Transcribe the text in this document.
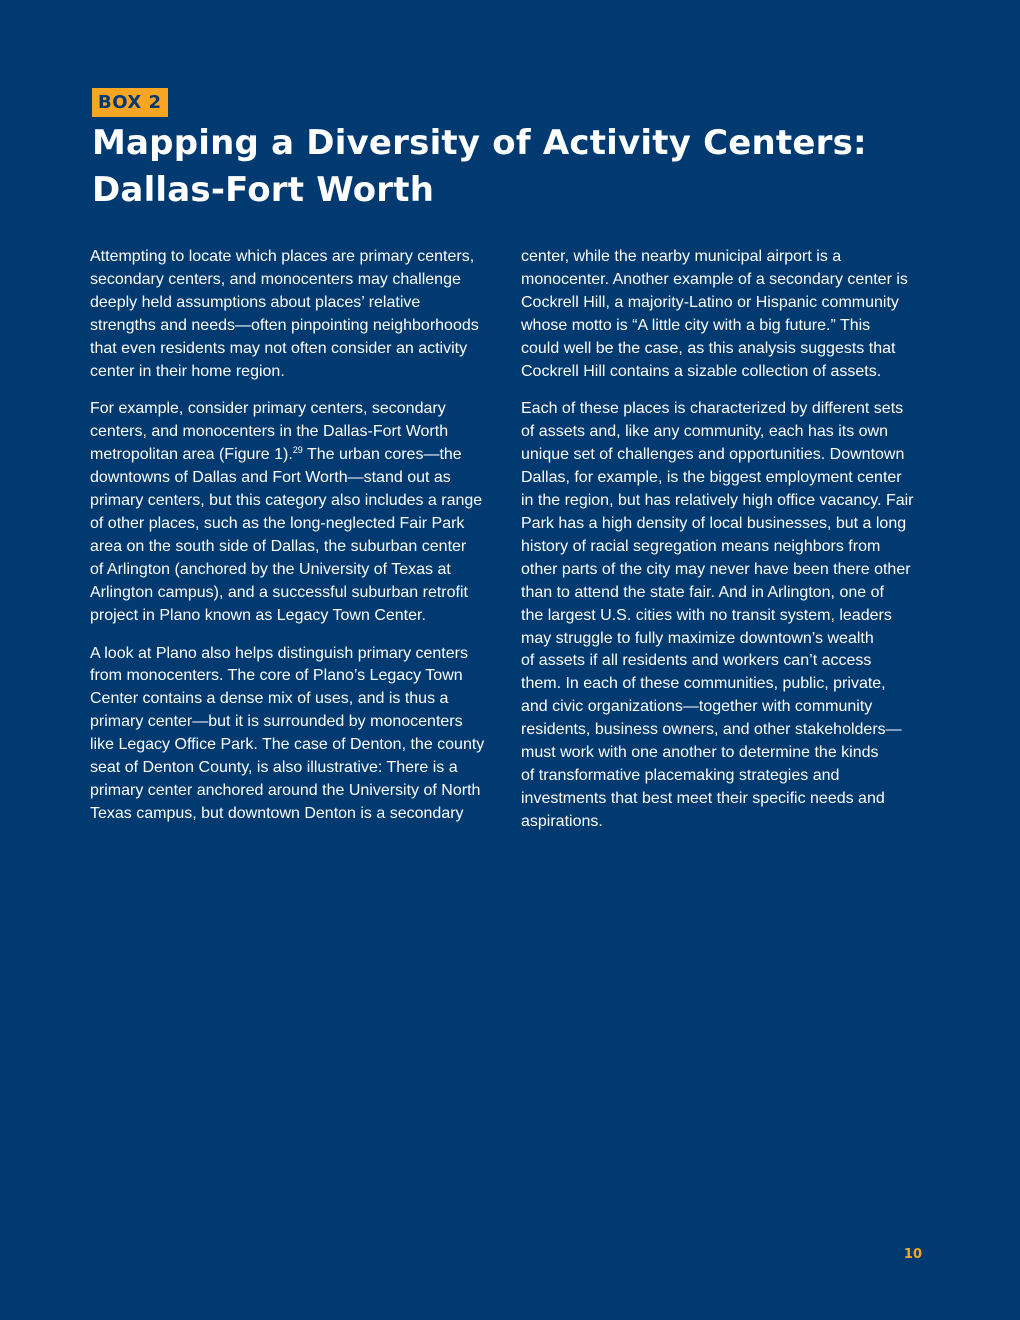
BOX 2
Mapping a Diversity of Activity Centers:
Dallas-Fort Worth

Attempting to locate which places are primary centers,
secondary centers, and monocenters may challenge
deeply held assumptions about places’ relative
strengths and needs—often pinpointing neighborhoods
that even residents may not often consider an activity
center in their home region.

For example, consider primary centers, secondary
centers, and monocenters in the Dallas-Fort Worth
metropolitan area (Figure 1).$^{29}$ The urban cores—the
downtowns of Dallas and Fort Worth—stand out as
primary centers, but this category also includes a range
of other places, such as the long-neglected Fair Park
area on the south side of Dallas, the suburban center
of Arlington (anchored by the University of Texas at
Arlington campus), and a successful suburban retrofit
project in Plano known as Legacy Town Center.

A look at Plano also helps distinguish primary centers
from monocenters. The core of Plano’s Legacy Town
Center contains a dense mix of uses, and is thus a
primary center—but it is surrounded by monocenters
like Legacy Office Park. The case of Denton, the county
seat of Denton County, is also illustrative: There is a
primary center anchored around the University of North
Texas campus, but downtown Denton is a secondary

center, while the nearby municipal airport is a
monocenter. Another example of a secondary center is
Cockrell Hill, a majority-Latino or Hispanic community
whose motto is “A little city with a big future.” This
could well be the case, as this analysis suggests that
Cockrell Hill contains a sizable collection of assets.

Each of these places is characterized by different sets
of assets and, like any community, each has its own
unique set of challenges and opportunities. Downtown
Dallas, for example, is the biggest employment center
in the region, but has relatively high office vacancy. Fair
Park has a high density of local businesses, but a long
history of racial segregation means neighbors from
other parts of the city may never have been there other
than to attend the state fair. And in Arlington, one of
the largest U.S. cities with no transit system, leaders
may struggle to fully maximize downtown’s wealth
of assets if all residents and workers can’t access
them. In each of these communities, public, private,
and civic organizations—together with community
residents, business owners, and other stakeholders—
must work with one another to determine the kinds
of transformative placemaking strategies and
investments that best meet their specific needs and
aspirations.

10
